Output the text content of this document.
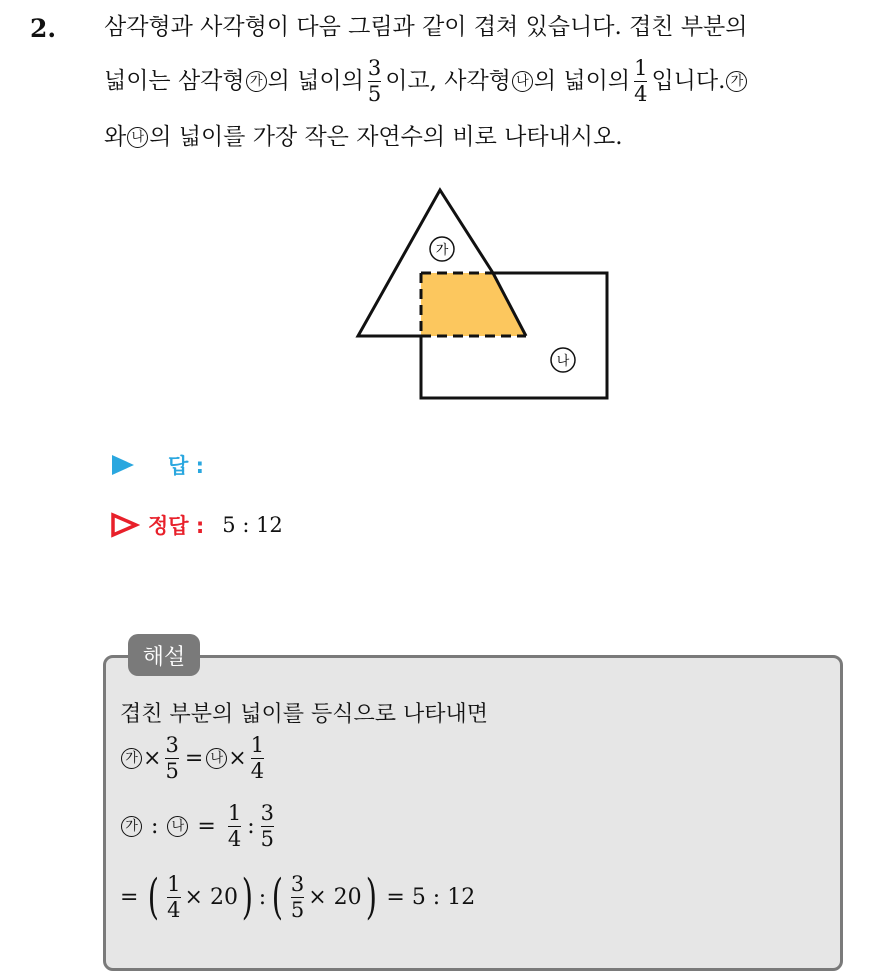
2. 삼각형과 사각형이 다음 그림과 같이 겹쳐 있습니다. 겹친 부분의
넓이는 삼각형 가 의 넓이의 $\frac{3}{5}$ 이고, 사각형 나 의 넓이의 $\frac{1}{4}$ 입니다. 가
와 나 의 넓이를 가장 작은 자연수의 비로 나타내시오.
가
나
답 :
정답 : 5 : 12
해설
겹친 부분의 넓이를 등식으로 나타내면
가 × $\frac{3}{5}$ = 나 × $\frac{1}{4}$
가 :	나 = $\frac{1}{4}$ : $\frac{3}{5}$
= ( $\frac{1}{4} \times 20$ ) : ( $\frac{3}{5} \times 20$ ) = 5 : 12
